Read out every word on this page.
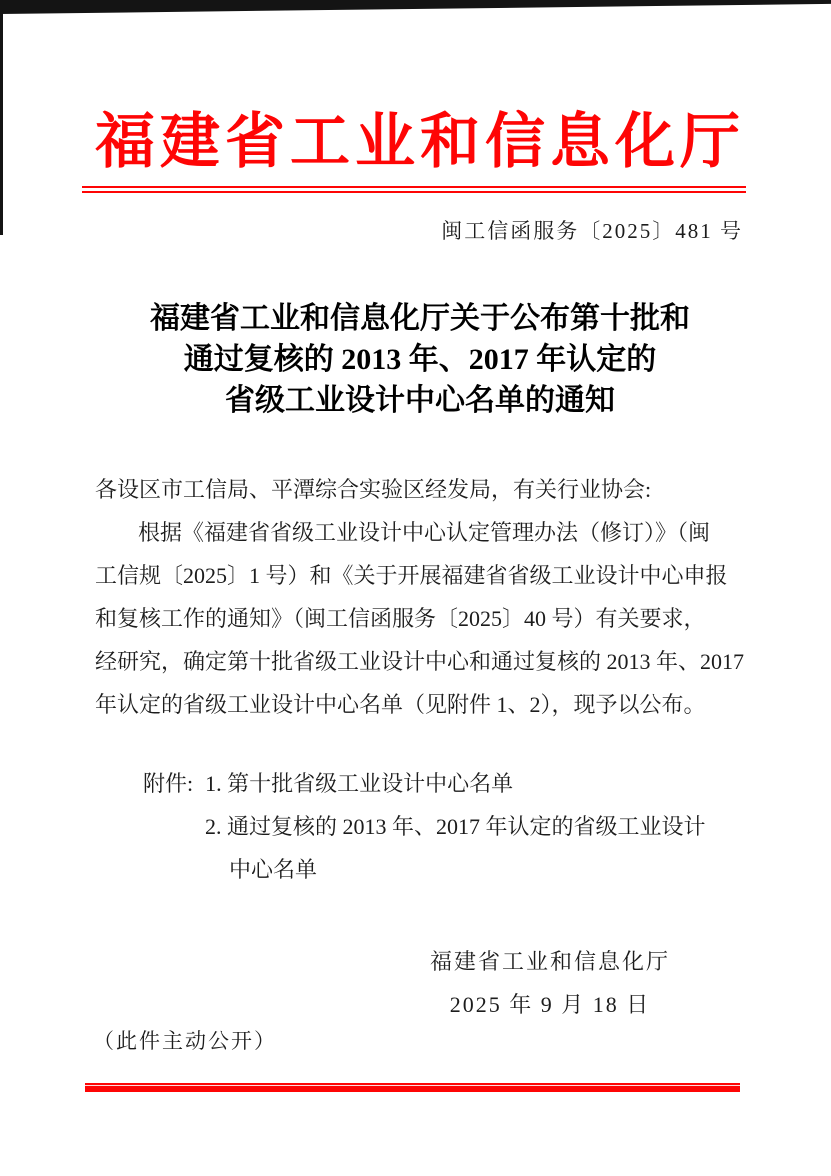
福建省工业和信息化厅
闽工信函服务〔2025〕481 号
福建省工业和信息化厅关于公布第十批和
通过复核的 2013 年、2017 年认定的
省级工业设计中心名单的通知
各设区市工信局、平潭综合实验区经发局，有关行业协会:
根据《福建省省级工业设计中心认定管理办法（修订）》（闽
工信规〔2025〕1 号）和《关于开展福建省省级工业设计中心申报
和复核工作的通知》（闽工信函服务〔2025〕40 号）有关要求，
经研究，确定第十批省级工业设计中心和通过复核的 2013 年、2017
年认定的省级工业设计中心名单（见附件 1、2），现予以公布。
附件: 1. 第十批省级工业设计中心名单
2. 通过复核的 2013 年、2017 年认定的省级工业设计
中心名单
福建省工业和信息化厅
2025 年 9 月 18 日
（此件主动公开）
